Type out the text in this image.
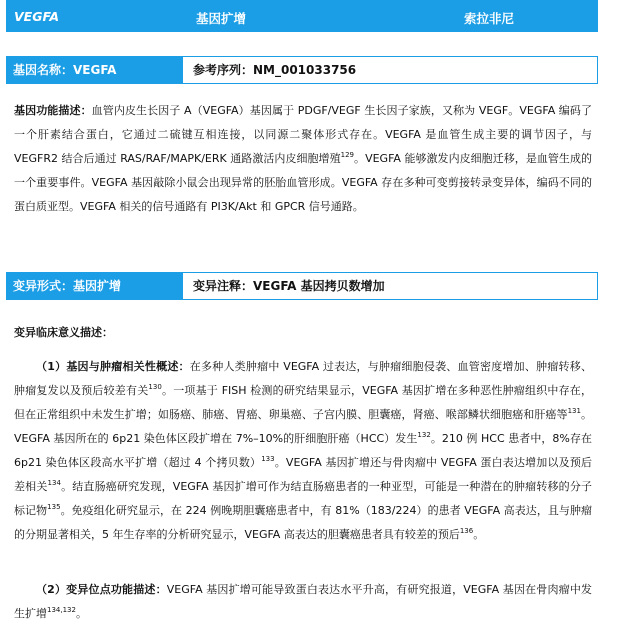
VEGFA	基因扩增	索拉非尼
基因名称：VEGFA	参考序列：NM_001033756

基因功能描述：血管内皮生长因子 A（VEGFA）基因属于 PDGF/VEGF 生长因子家族，又称为 VEGF。VEGFA 编码了一个肝素结合蛋白，它通过二硫键互相连接，以同源二聚体形式存在。VEGFA 是血管生成主要的调节因子，与 VEGFR2 结合后通过 RAS/RAF/MAPK/ERK 通路激活内皮细胞增殖$^{129}$。VEGFA 能够激发内皮细胞迁移，是血管生成的一个重要事件。VEGFA 基因敲除小鼠会出现异常的胚胎血管形成。VEGFA 存在多种可变剪接转录变异体，编码不同的蛋白质亚型。VEGFA 相关的信号通路有 PI3K/Akt 和 GPCR 信号通路。

变异形式：基因扩增	变异注释：VEGFA 基因拷贝数增加
变异临床意义描述：

（1）基因与肿瘤相关性概述：在多种人类肿瘤中 VEGFA 过表达，与肿瘤细胞侵袭、血管密度增加、肿瘤转移、肿瘤复发以及预后较差有关$^{130}$。一项基于 FISH 检测的研究结果显示，VEGFA 基因扩增在多种恶性肿瘤组织中存在，但在正常组织中未发生扩增；如肠癌、肺癌、胃癌、卵巢癌、子宫内膜、胆囊癌，肾癌、喉部鳞状细胞癌和肝癌等$^{131}$。VEGFA 基因所在的 6p21 染色体区段扩增在 7%–10%的肝细胞肝癌（HCC）发生$^{132}$。210 例 HCC 患者中，8%存在 6p21 染色体区段高水平扩增（超过 4 个拷贝数）$^{133}$。VEGFA 基因扩增还与骨肉瘤中 VEGFA 蛋白表达增加以及预后差相关$^{134}$。结直肠癌研究发现，VEGFA 基因扩增可作为结直肠癌患者的一种亚型，可能是一种潜在的肿瘤转移的分子标记物$^{135}$。免疫组化研究显示，在 224 例晚期胆囊癌患者中，有 81%（183/224）的患者 VEGFA 高表达，且与肿瘤的分期显著相关，5 年生存率的分析研究显示，VEGFA 高表达的胆囊癌患者具有较差的预后$^{136}$。

（2）变异位点功能描述：VEGFA 基因扩增可能导致蛋白表达水平升高，有研究报道，VEGFA 基因在骨肉瘤中发生扩增$^{134,132}$。
